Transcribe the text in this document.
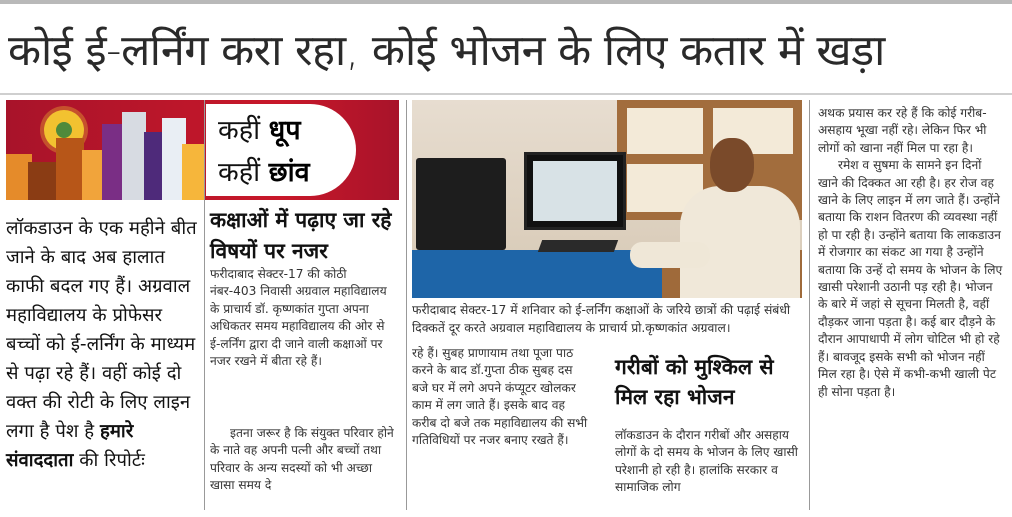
कोई ई-लर्निंग करा रहा, कोई भोजन के लिए कतार में खड़ा
कहीं धूप
कहीं छांव

लॉकडाउन के एक महीने बीत जाने के बाद अब हालात काफी बदल गए हैं। अग्रवाल महाविद्यालय के प्रोफेसर बच्चों को ई-लर्निंग के माध्यम से पढ़ा रहे हैं। वहीं कोई दो वक्त की रोटी के लिए लाइन लगा है पेश है हमारे संवाददाता की रिपोर्टः

कक्षाओं में पढ़ाए जा रहे विषयों पर नजर
फरीदाबाद सेक्टर-17 की कोठी नंबर-403 निवासी अग्रवाल महाविद्यालय के प्राचार्य डॉ. कृष्णकांत गुप्ता अपना अधिकतर समय महाविद्यालय की ओर से ई-लर्निंग द्वारा दी जाने वाली कक्षाओं पर नजर रखने में बीता रहे हैं।
इतना जरूर है कि संयुक्त परिवार होने के नाते वह अपनी पत्नी और बच्चों तथा परिवार के अन्य सदस्यों को भी अच्छा खासा समय दे
फरीदाबाद सेक्टर-17 में शनिवार को ई-लर्निंग कक्षाओं के जरिये छात्रों की पढ़ाई संबंधी दिक्कतें दूर करते अग्रवाल महाविद्यालय के प्राचार्य प्रो.कृष्णकांत अग्रवाल।
रहे हैं। सुबह प्राणायाम तथा पूजा पाठ करने के बाद डॉ.गुप्ता ठीक सुबह दस बजे घर में लगे अपने कंप्यूटर खोलकर काम में लग जाते हैं। इसके बाद वह करीब दो बजे तक महाविद्यालय की सभी गतिविधियों पर नजर बनाए रखते हैं।
गरीबों को मुश्किल से मिल रहा भोजन
लॉकडाउन के दौरान गरीबों और असहाय लोगों के दो समय के भोजन के लिए खासी परेशानी हो रही है। हालांकि सरकार व सामाजिक लोग
अथक प्रयास कर रहे हैं कि कोई गरीब-असहाय भूखा नहीं रहे। लेकिन फिर भी लोगों को खाना नहीं मिल पा रहा है।
रमेश व सुषमा के सामने इन दिनों खाने की दिक्कत आ रही है। हर रोज वह खाने के लिए लाइन में लग जाते हैं। उन्होंने बताया कि राशन वितरण की व्यवस्था नहीं हो पा रही है। उन्होंने बताया कि लाकडाउन में रोजगार का संकट आ गया है उन्होंने बताया कि उन्हें दो समय के भोजन के लिए खासी परेशानी उठानी पड़ रही है। भोजन के बारे में जहां से सूचना मिलती है, वहीं दौड़कर जाना पड़ता है। कई बार दौड़ने के दौरान आपाधापी में लोग चोटिल भी हो रहे हैं। बावजूद इसके सभी को भोजन नहीं मिल रहा है। ऐसे में कभी-कभी खाली पेट ही सोना पड़ता है।
